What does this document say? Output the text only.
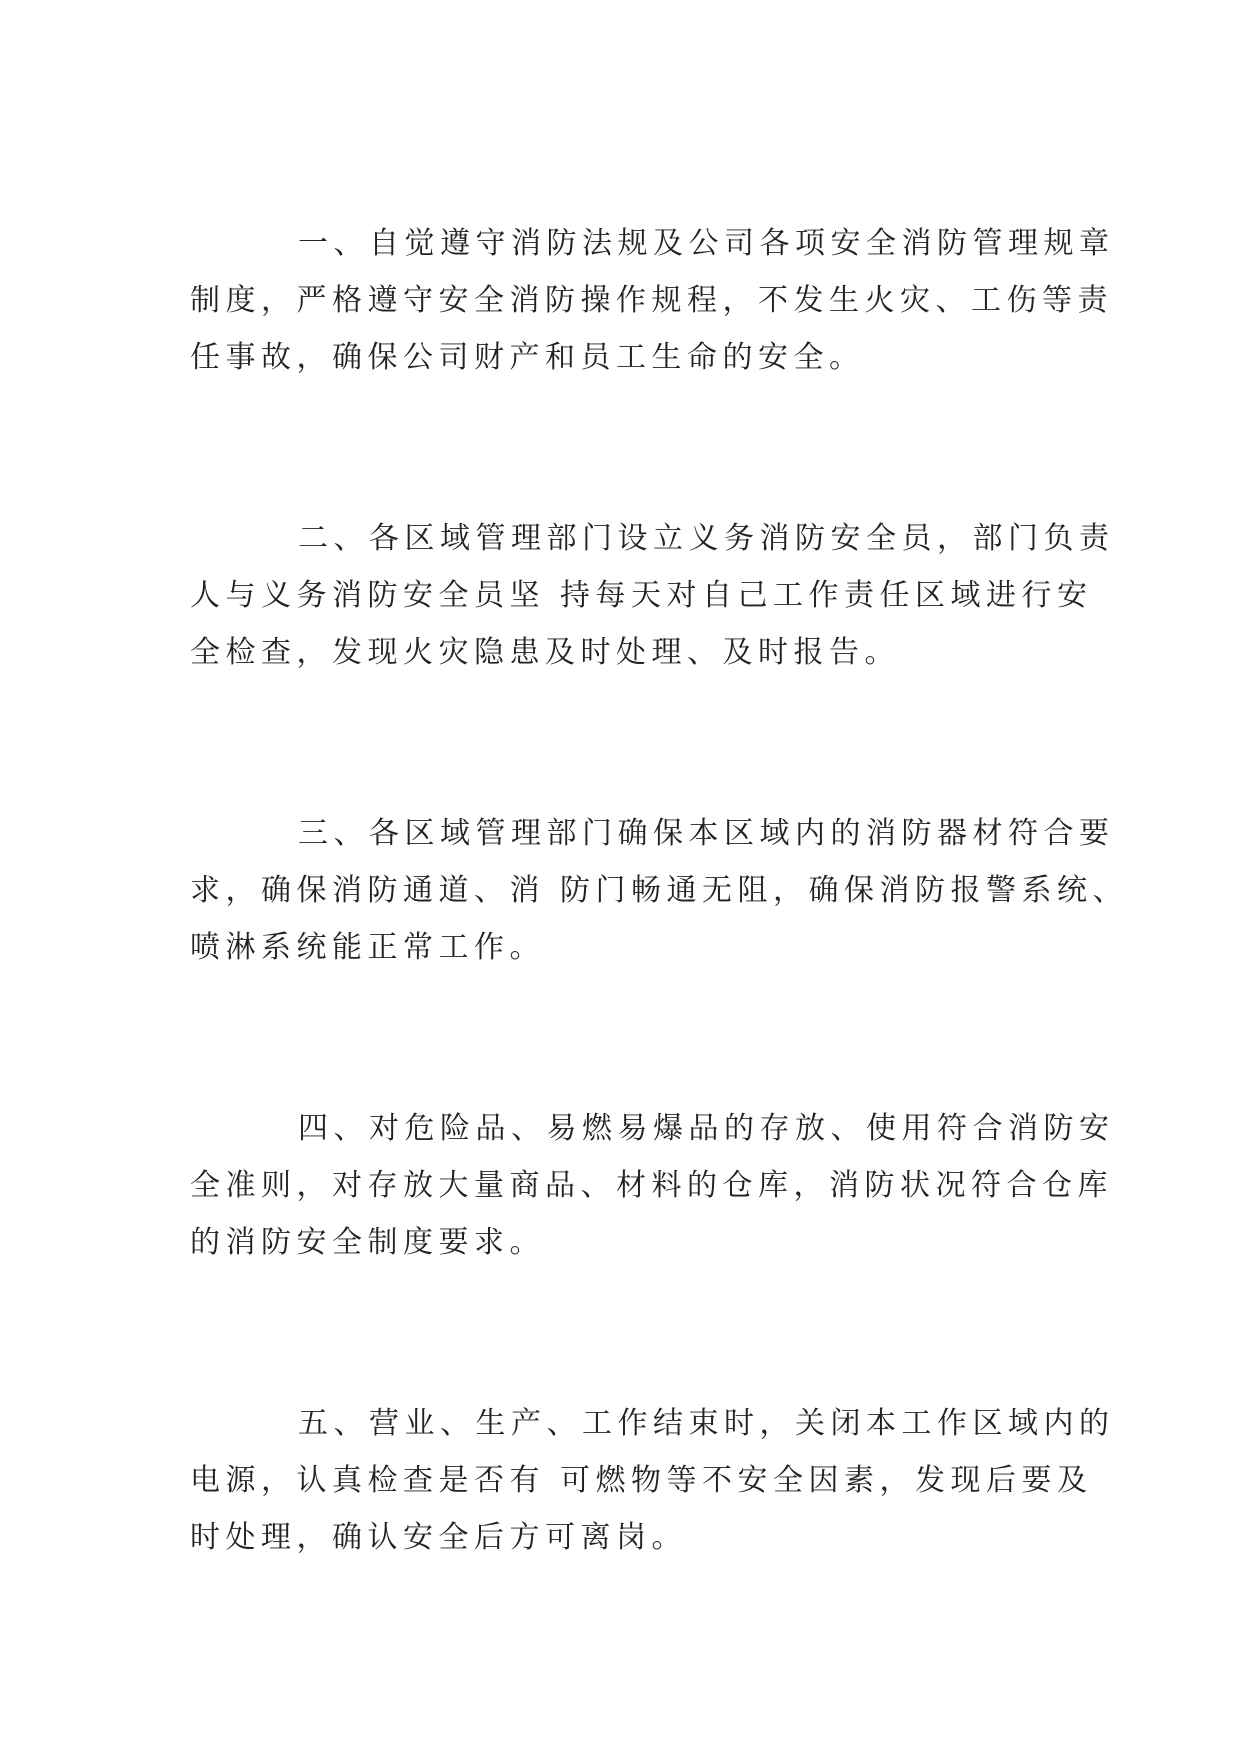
一、自觉遵守消防法规及公司各项安全消防管理规章
制度，严格遵守安全消防操作规程，不发生火灾、工伤等责
任事故，确保公司财产和员工生命的安全。
二、各区域管理部门设立义务消防安全员，部门负责
人与义务消防安全员坚 持每天对自己工作责任区域进行安
全检查，发现火灾隐患及时处理、及时报告。
三、各区域管理部门确保本区域内的消防器材符合要
求，确保消防通道、消 防门畅通无阻，确保消防报警系统、
喷淋系统能正常工作。
四、对危险品、易燃易爆品的存放、使用符合消防安
全准则，对存放大量商品、材料的仓库，消防状况符合仓库
的消防安全制度要求。
五、营业、生产、工作结束时，关闭本工作区域内的
电源，认真检查是否有 可燃物等不安全因素，发现后要及
时处理，确认安全后方可离岗。
